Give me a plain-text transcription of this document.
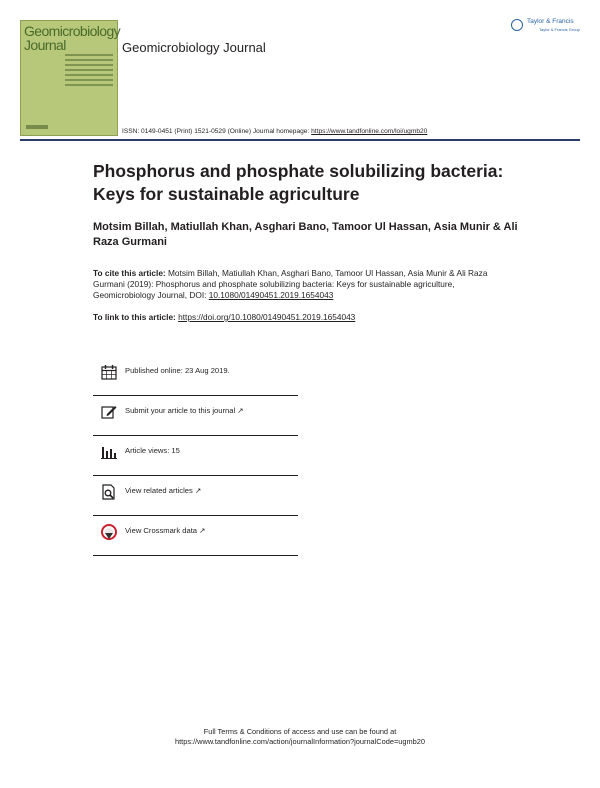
Geomicrobiology
Journal	Geomicrobiology Journal
ISSN: 0149-0451 (Print) 1521-0529 (Online) Journal homepage: https://www.tandfonline.com/loi/ugmb20
Taylor & Francis
Taylor & Francis Group
Phosphorus and phosphate solubilizing bacteria: Keys for sustainable agriculture
Motsim Billah, Matiullah Khan, Asghari Bano, Tamoor Ul Hassan, Asia Munir & Ali Raza Gurmani
To cite this article: Motsim Billah, Matiullah Khan, Asghari Bano, Tamoor Ul Hassan, Asia Munir & Ali Raza Gurmani (2019): Phosphorus and phosphate solubilizing bacteria: Keys for sustainable agriculture, Geomicrobiology Journal, DOI: 10.1080/01490451.2019.1654043
To link to this article: https://doi.org/10.1080/01490451.2019.1654043
Published online: 23 Aug 2019.
Submit your article to this journal ↗
Article views: 15
View related articles ↗
View Crossmark data ↗
Full Terms & Conditions of access and use can be found at
https://www.tandfonline.com/action/journalInformation?journalCode=ugmb20
